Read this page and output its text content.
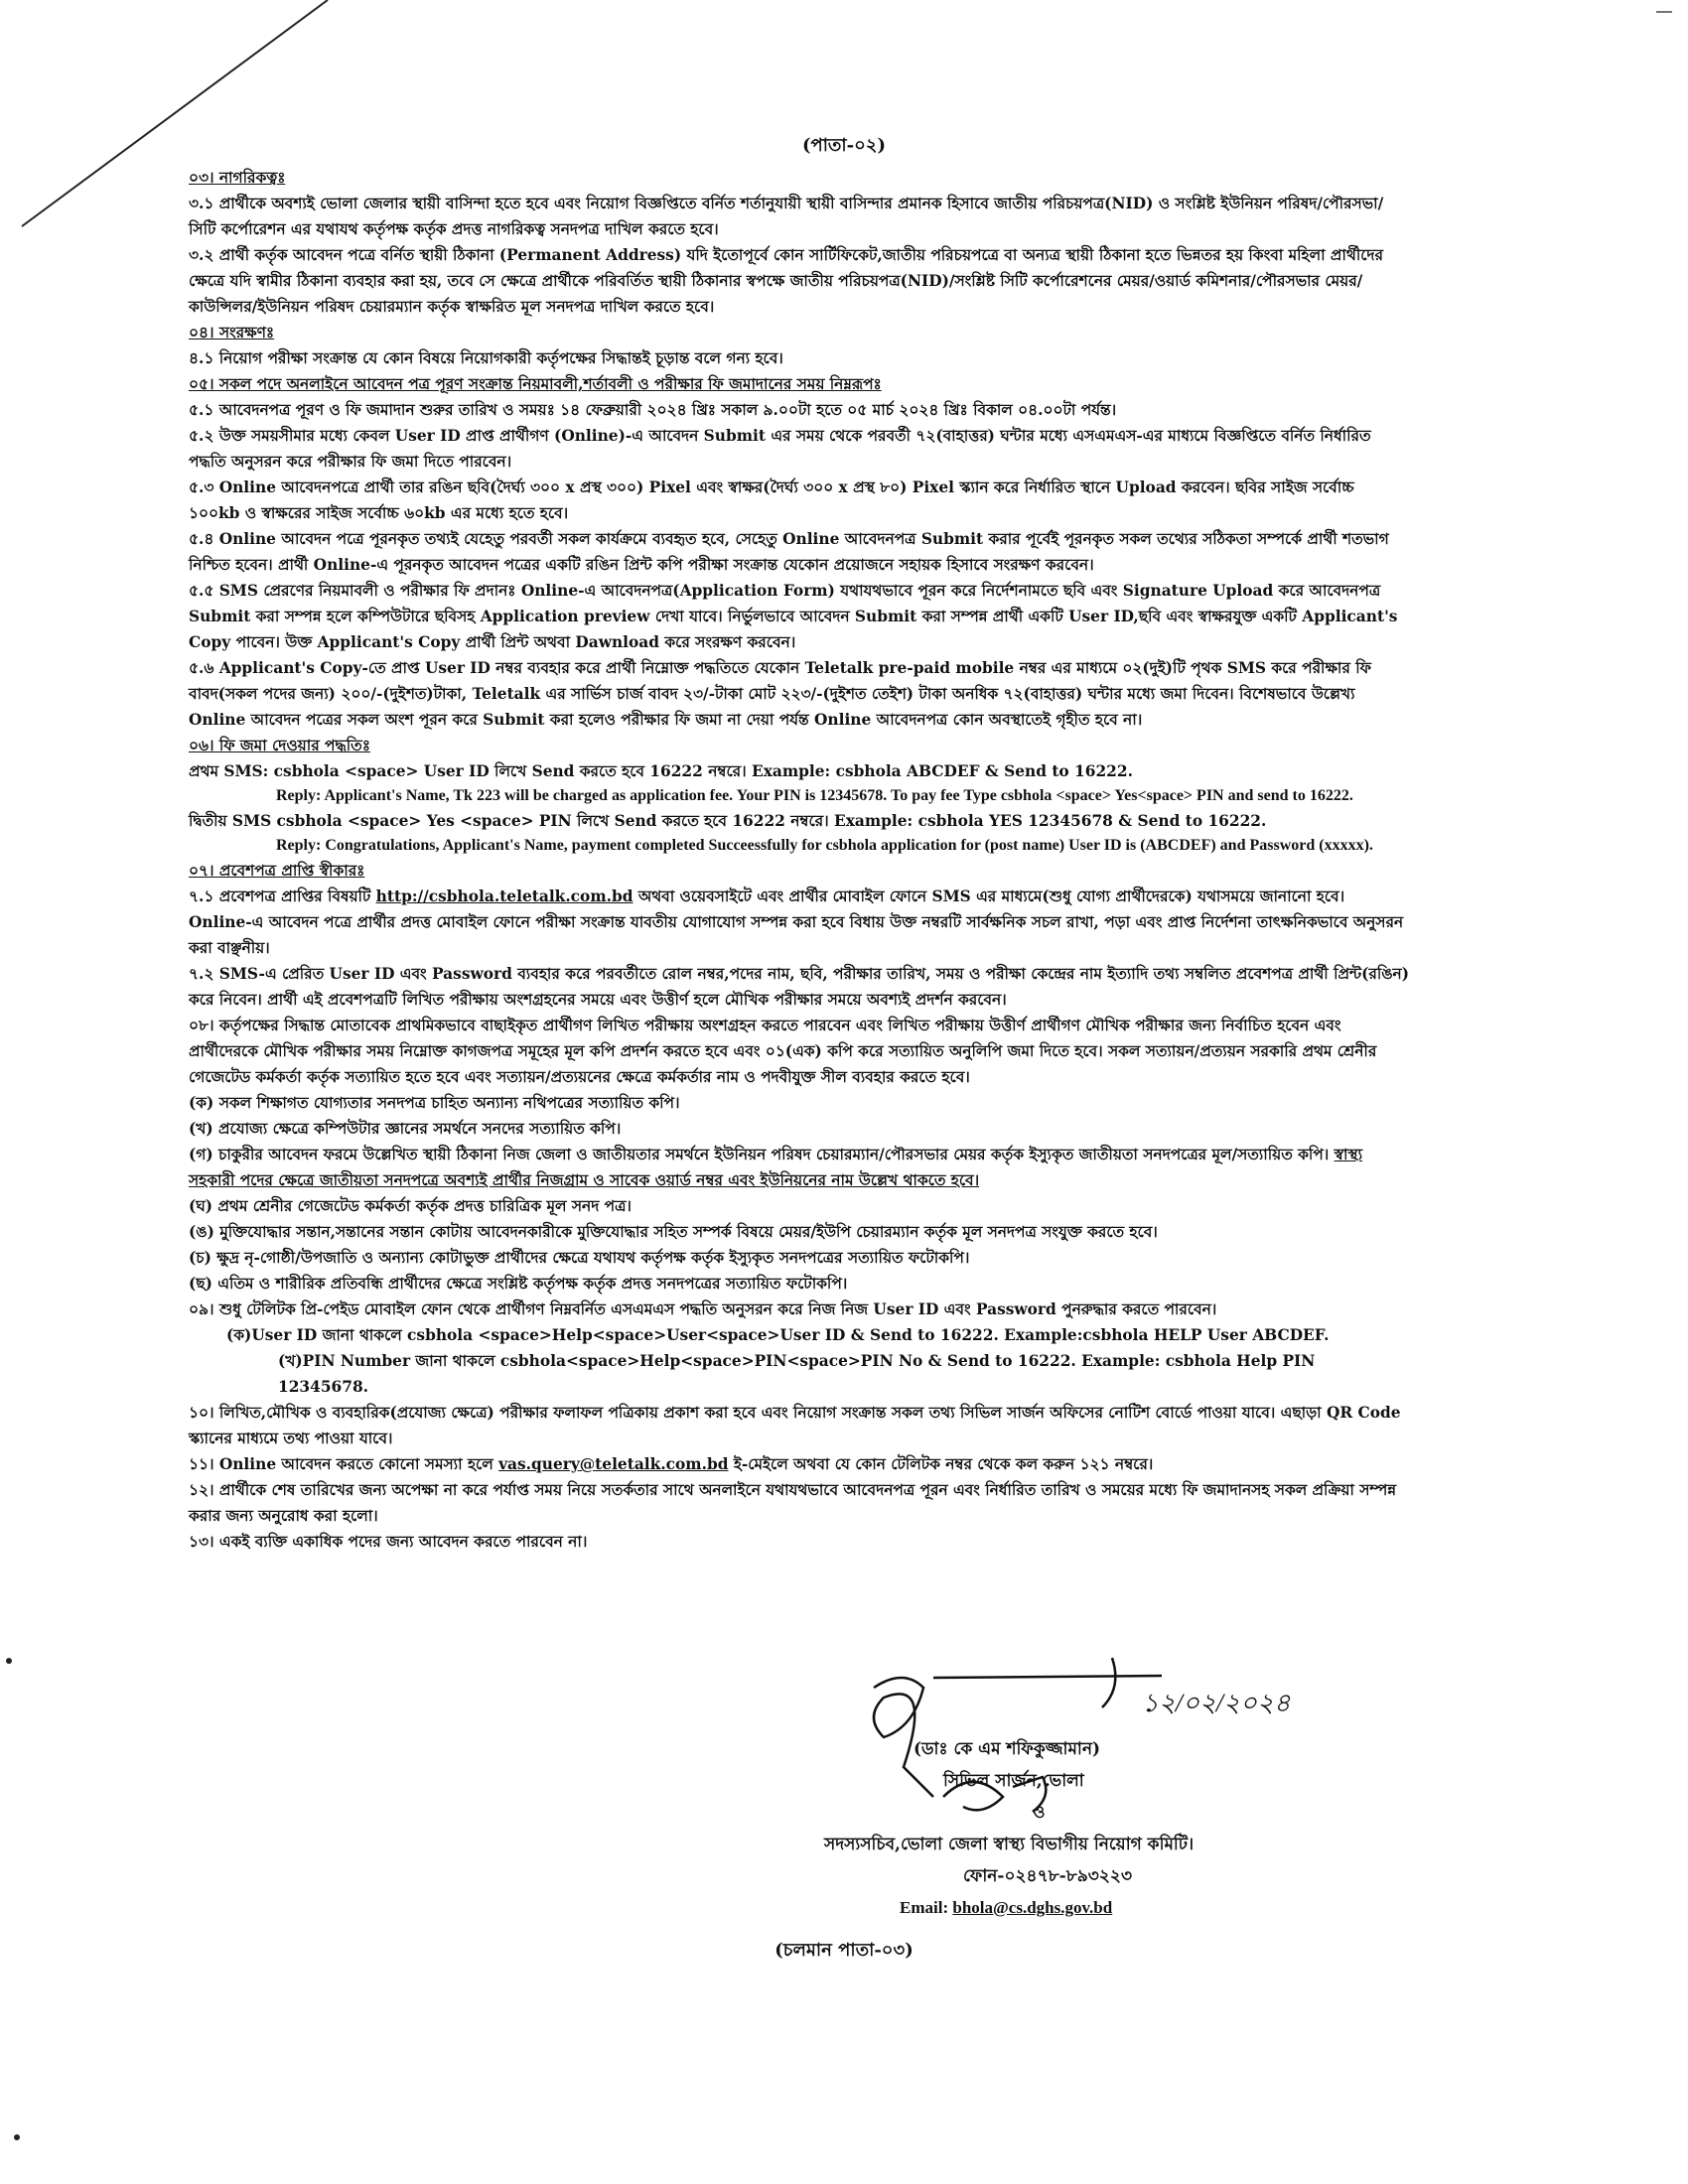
(পাতা-০২)

০৩। নাগরিকত্বঃ

৩.১ প্রার্থীকে অবশ্যই ভোলা জেলার স্থায়ী বাসিন্দা হতে হবে এবং নিয়োগ বিজ্ঞপ্তিতে বর্নিত শর্তানুযায়ী স্থায়ী বাসিন্দার প্রমানক হিসাবে জাতীয় পরিচয়পত্র(NID) ও সংশ্লিষ্ট ইউনিয়ন পরিষদ/পৌরসভা/সিটি কর্পোরেশন এর যথাযথ কর্তৃপক্ষ কর্তৃক প্রদত্ত নাগরিকত্ব সনদপত্র দাখিল করতে হবে।

৩.২ প্রার্থী কর্তৃক আবেদন পত্রে বর্নিত স্থায়ী ঠিকানা (Permanent Address) যদি ইতোপূর্বে কোন সার্টিফিকেট,জাতীয় পরিচয়পত্রে বা অন্যত্র স্থায়ী ঠিকানা হতে ভিন্নতর হয় কিংবা মহিলা প্রার্থীদের ক্ষেত্রে যদি স্বামীর ঠিকানা ব্যবহার করা হয়, তবে সে ক্ষেত্রে প্রার্থীকে পরিবর্তিত স্থায়ী ঠিকানার স্বপক্ষে জাতীয় পরিচয়পত্র(NID)/সংশ্লিষ্ট সিটি কর্পোরেশনের মেয়র/ওয়ার্ড কমিশনার/পৌরসভার মেয়র/কাউন্সিলর/ইউনিয়ন পরিষদ চেয়ারম্যান কর্তৃক স্বাক্ষরিত মূল সনদপত্র দাখিল করতে হবে।

০৪। সংরক্ষণঃ

৪.১ নিয়োগ পরীক্ষা সংক্রান্ত যে কোন বিষয়ে নিয়োগকারী কর্তৃপক্ষের সিদ্ধান্তই চূড়ান্ত বলে গন্য হবে।

০৫। সকল পদে অনলাইনে আবেদন পত্র পূরণ সংক্রান্ত নিয়মাবলী,শর্তাবলী ও পরীক্ষার ফি জমাদানের সময় নিম্নরূপঃ

৫.১ আবেদনপত্র পূরণ ও ফি জমাদান শুরুর তারিখ ও সময়ঃ ১৪ ফেব্রুয়ারী ২০২৪ খ্রিঃ সকাল ৯.০০টা হতে ০৫ মার্চ ২০২৪ খ্রিঃ বিকাল ০৪.০০টা পর্যন্ত।

৫.২ উক্ত সময়সীমার মধ্যে কেবল User ID প্রাপ্ত প্রার্থীগণ (Online)-এ আবেদন Submit এর সময় থেকে পরবর্তী ৭২(বাহাত্তর) ঘন্টার মধ্যে এসএমএস-এর মাধ্যমে বিজ্ঞপ্তিতে বর্নিত নির্ধারিত পদ্ধতি অনুসরন করে পরীক্ষার ফি জমা দিতে পারবেন।

৫.৩ Online আবেদনপত্রে প্রার্থী তার রঙিন ছবি(দৈর্ঘ্য ৩০০ x প্রস্থ ৩০০) Pixel এবং স্বাক্ষর(দৈর্ঘ্য ৩০০ x প্রস্থ ৮০) Pixel স্ক্যান করে নির্ধারিত স্থানে Upload করবেন। ছবির সাইজ সর্বোচ্চ ১০০kb ও স্বাক্ষরের সাইজ সর্বোচ্চ ৬০kb এর মধ্যে হতে হবে।

৫.৪ Online আবেদন পত্রে পূরনকৃত তথ্যই যেহেতু পরবর্তী সকল কার্যক্রমে ব্যবহৃত হবে, সেহেতু Online আবেদনপত্র Submit করার পূর্বেই পূরনকৃত সকল তথ্যের সঠিকতা সম্পর্কে প্রার্থী শতভাগ নিশ্চিত হবেন। প্রার্থী Online-এ পূরনকৃত আবেদন পত্রের একটি রঙিন প্রিন্ট কপি পরীক্ষা সংক্রান্ত যেকোন প্রয়োজনে সহায়ক হিসাবে সংরক্ষণ করবেন।

৫.৫ SMS প্রেরণের নিয়মাবলী ও পরীক্ষার ফি প্রদানঃ Online-এ আবেদনপত্র(Application Form) যথাযথভাবে পূরন করে নির্দেশনামতে ছবি এবং Signature Upload করে আবেদনপত্র Submit করা সম্পন্ন হলে কম্পিউটারে ছবিসহ Application preview দেখা যাবে। নির্ভুলভাবে আবেদন Submit করা সম্পন্ন প্রার্থী একটি User ID,ছবি এবং স্বাক্ষরযুক্ত একটি Applicant's Copy পাবেন। উক্ত Applicant's Copy প্রার্থী প্রিন্ট অথবা Dawnload করে সংরক্ষণ করবেন।

৫.৬ Applicant's Copy-তে প্রাপ্ত User ID নম্বর ব্যবহার করে প্রার্থী নিম্নোক্ত পদ্ধতিতে যেকোন Teletalk pre-paid mobile নম্বর এর মাধ্যমে ০২(দুই)টি পৃথক SMS করে পরীক্ষার ফি বাবদ(সকল পদের জন্য) ২০০/-(দুইশত)টাকা, Teletalk এর সার্ভিস চার্জ বাবদ ২৩/-টাকা মোট ২২৩/-(দুইশত তেইশ) টাকা অনধিক ৭২(বাহাত্তর) ঘন্টার মধ্যে জমা দিবেন। বিশেষভাবে উল্লেখ্য Online আবেদন পত্রের সকল অংশ পূরন করে Submit করা হলেও পরীক্ষার ফি জমা না দেয়া পর্যন্ত Online আবেদনপত্র কোন অবস্থাতেই গৃহীত হবে না।

০৬। ফি জমা দেওয়ার পদ্ধতিঃ

প্রথম SMS: csbhola <space> User ID লিখে Send করতে হবে 16222 নম্বরে। Example: csbhola ABCDEF & Send to 16222.

Reply: Applicant's Name, Tk 223 will be charged as application fee. Your PIN is 12345678. To pay fee Type csbhola <space> Yes<space> PIN and send to 16222.

দ্বিতীয় SMS csbhola <space> Yes <space> PIN লিখে Send করতে হবে 16222 নম্বরে। Example: csbhola YES 12345678 & Send to 16222.

Reply: Congratulations, Applicant's Name, payment completed Succeessfully for csbhola application for (post name) User ID is (ABCDEF) and Password (xxxxx).

০৭। প্রবেশপত্র প্রাপ্তি স্বীকারঃ

৭.১ প্রবেশপত্র প্রাপ্তির বিষয়টি http://csbhola.teletalk.com.bd অথবা ওয়েবসাইটে এবং প্রার্থীর মোবাইল ফোনে SMS এর মাধ্যমে(শুধু যোগ্য প্রার্থীদেরকে) যথাসময়ে জানানো হবে। Online-এ আবেদন পত্রে প্রার্থীর প্রদত্ত মোবাইল ফোনে পরীক্ষা সংক্রান্ত যাবতীয় যোগাযোগ সম্পন্ন করা হবে বিধায় উক্ত নম্বরটি সার্বক্ষনিক সচল রাখা, পড়া এবং প্রাপ্ত নির্দেশনা তাৎক্ষনিকভাবে অনুসরন করা বাঞ্ছনীয়।

৭.২ SMS-এ প্রেরিত User ID এবং Password ব্যবহার করে পরবর্তীতে রোল নম্বর,পদের নাম, ছবি, পরীক্ষার তারিখ, সময় ও পরীক্ষা কেন্দ্রের নাম ইত্যাদি তথ্য সম্বলিত প্রবেশপত্র প্রার্থী প্রিন্ট(রঙিন) করে নিবেন। প্রার্থী এই প্রবেশপত্রটি লিখিত পরীক্ষায় অংশগ্রহনের সময়ে এবং উত্তীর্ণ হলে মৌখিক পরীক্ষার সময়ে অবশ্যই প্রদর্শন করবেন।

০৮। কর্তৃপক্ষের সিদ্ধান্ত মোতাবেক প্রাথমিকভাবে বাছাইকৃত প্রার্থীগণ লিখিত পরীক্ষায় অংশগ্রহন করতে পারবেন এবং লিখিত পরীক্ষায় উত্তীর্ণ প্রার্থীগণ মৌখিক পরীক্ষার জন্য নির্বাচিত হবেন এবং প্রার্থীদেরকে মৌখিক পরীক্ষার সময় নিম্নোক্ত কাগজপত্র সমূহের মূল কপি প্রদর্শন করতে হবে এবং ০১(এক) কপি করে সত্যায়িত অনুলিপি জমা দিতে হবে। সকল সত্যায়ন/প্রত্যয়ন সরকারি প্রথম শ্রেনীর গেজেটেড কর্মকর্তা কর্তৃক সত্যায়িত হতে হবে এবং সত্যায়ন/প্রত্যয়নের ক্ষেত্রে কর্মকর্তার নাম ও পদবীযুক্ত সীল ব্যবহার করতে হবে।

(ক) সকল শিক্ষাগত যোগ্যতার সনদপত্র চাহিত অন্যান্য নথিপত্রের সত্যায়িত কপি।

(খ) প্রযোজ্য ক্ষেত্রে কম্পিউটার জ্ঞানের সমর্থনে সনদের সত্যায়িত কপি।

(গ) চাকুরীর আবেদন ফরমে উল্লেখিত স্থায়ী ঠিকানা নিজ জেলা ও জাতীয়তার সমর্থনে ইউনিয়ন পরিষদ চেয়ারম্যান/পৌরসভার মেয়র কর্তৃক ইস্যুকৃত জাতীয়তা সনদপত্রের মূল/সত্যায়িত কপি। স্বাস্থ্য সহকারী পদের ক্ষেত্রে জাতীয়তা সনদপত্রে অবশ্যই প্রার্থীর নিজগ্রাম ও সাবেক ওয়ার্ড নম্বর এবং ইউনিয়নের নাম উল্লেখ থাকতে হবে।

(ঘ) প্রথম শ্রেনীর গেজেটেড কর্মকর্তা কর্তৃক প্রদত্ত চারিত্রিক মূল সনদ পত্র।

(ঙ) মুক্তিযোদ্ধার সন্তান,সন্তানের সন্তান কোটায় আবেদনকারীকে মুক্তিযোদ্ধার সহিত সম্পর্ক বিষয়ে মেয়র/ইউপি চেয়ারম্যান কর্তৃক মূল সনদপত্র সংযুক্ত করতে হবে।

(চ) ক্ষুদ্র নৃ-গোষ্ঠী/উপজাতি ও অন্যান্য কোটাভুক্ত প্রার্থীদের ক্ষেত্রে যথাযথ কর্তৃপক্ষ কর্তৃক ইস্যুকৃত সনদপত্রের সত্যায়িত ফটোকপি।

(ছ) এতিম ও শারীরিক প্রতিবন্ধি প্রার্থীদের ক্ষেত্রে সংশ্লিষ্ট কর্তৃপক্ষ কর্তৃক প্রদত্ত সনদপত্রের সত্যায়িত ফটোকপি।

০৯। শুধু টেলিটক প্রি-পেইড মোবাইল ফোন থেকে প্রার্থীগণ নিম্নবর্নিত এসএমএস পদ্ধতি অনুসরন করে নিজ নিজ User ID এবং Password পুনরুদ্ধার করতে পারবেন।

(ক)User ID জানা থাকলে csbhola <space>Help<space>User<space>User ID & Send to 16222. Example:csbhola HELP User ABCDEF.

(খ)PIN Number জানা থাকলে csbhola<space>Help<space>PIN<space>PIN No & Send to 16222. Example: csbhola Help PIN 12345678.

১০। লিখিত,মৌখিক ও ব্যবহারিক(প্রযোজ্য ক্ষেত্রে) পরীক্ষার ফলাফল পত্রিকায় প্রকাশ করা হবে এবং নিয়োগ সংক্রান্ত সকল তথ্য সিভিল সার্জন অফিসের নোটিশ বোর্ডে পাওয়া যাবে। এছাড়া QR Code স্ক্যানের মাধ্যমে তথ্য পাওয়া যাবে।

১১। Online আবেদন করতে কোনো সমস্যা হলে vas.query@teletalk.com.bd ই-মেইলে অথবা যে কোন টেলিটক নম্বর থেকে কল করুন ১২১ নম্বরে।

১২। প্রার্থীকে শেষ তারিখের জন্য অপেক্ষা না করে পর্যাপ্ত সময় নিয়ে সতর্কতার সাথে অনলাইনে যথাযথভাবে আবেদনপত্র পূরন এবং নির্ধারিত তারিখ ও সময়ের মধ্যে ফি জমাদানসহ সকল প্রক্রিয়া সম্পন্ন করার জন্য অনুরোধ করা হলো।

১৩। একই ব্যক্তি একাধিক পদের জন্য আবেদন করতে পারবেন না।

১২/০২/২০২৪
(ডাঃ কে এম শফিকুজ্জামান)
সিভিল সার্জন,ভোলা
ও
সদস্যসচিব,ভোলা জেলা স্বাস্থ্য বিভাগীয় নিয়োগ কমিটি।
ফোন-০২৪৭৮-৮৯৩২২৩
Email: bhola@cs.dghs.gov.bd
(চলমান পাতা-০৩)
